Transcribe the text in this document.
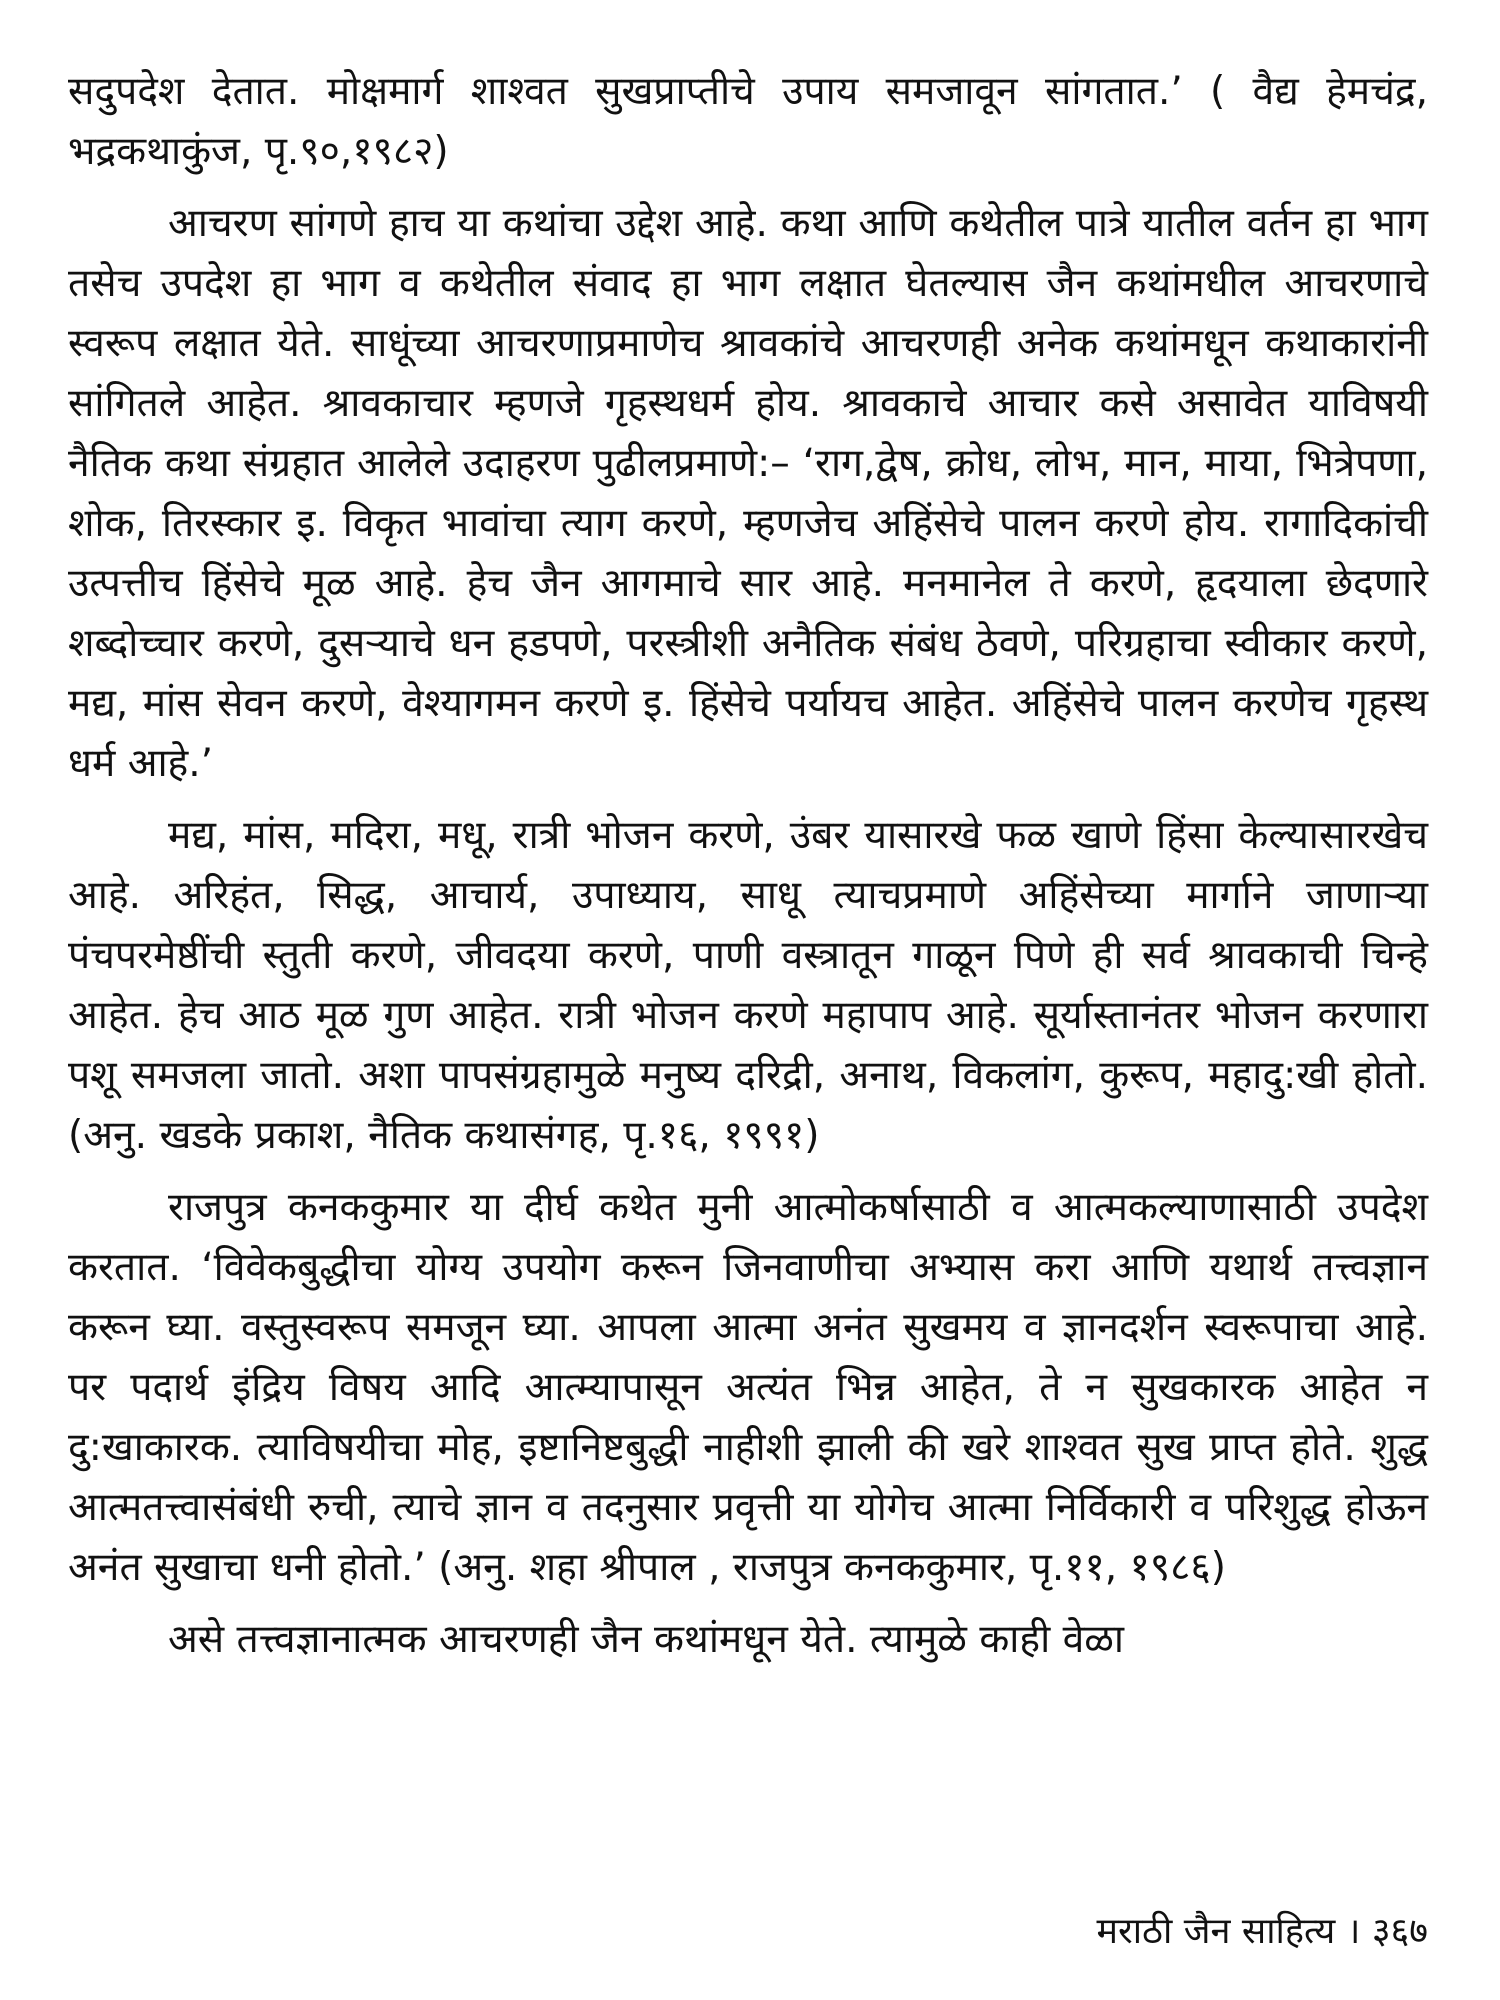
सदुपदेश देतात. मोक्षमार्ग शाश्वत सुखप्राप्तीचे उपाय समजावून सांगतात.’ ( वैद्य हेमचंद्र, भद्रकथाकुंज, पृ.९०,१९८२)

आचरण सांगणे हाच या कथांचा उद्देश आहे. कथा आणि कथेतील पात्रे यातील वर्तन हा भाग तसेच उपदेश हा भाग व कथेतील संवाद हा भाग लक्षात घेतल्यास जैन कथांमधील आचरणाचे स्वरूप लक्षात येते. साधूंच्या आचरणाप्रमाणेच श्रावकांचे आचरणही अनेक कथांमधून कथाकारांनी सांगितले आहेत. श्रावकाचार म्हणजे गृहस्थधर्म होय. श्रावकाचे आचार कसे असावेत याविषयी नैतिक कथा संग्रहात आलेले उदाहरण पुढीलप्रमाणे:– ‘राग,द्वेष, क्रोध, लोभ, मान, माया, भित्रेपणा, शोक, तिरस्कार इ. विकृत भावांचा त्याग करणे, म्हणजेच अहिंसेचे पालन करणे होय. रागादिकांची उत्पत्तीच हिंसेचे मूळ आहे. हेच जैन आगमाचे सार आहे. मनमानेल ते करणे, हृदयाला छेदणारे शब्दोच्चार करणे, दुसऱ्याचे धन हडपणे, परस्त्रीशी अनैतिक संबंध ठेवणे, परिग्रहाचा स्वीकार करणे, मद्य, मांस सेवन करणे, वेश्यागमन करणे इ. हिंसेचे पर्यायच आहेत. अहिंसेचे पालन करणेच गृहस्थ धर्म आहे.’

मद्य, मांस, मदिरा, मधू, रात्री भोजन करणे, उंबर यासारखे फळ खाणे हिंसा केल्यासारखेच आहे. अरिहंत, सिद्ध, आचार्य, उपाध्याय, साधू त्याचप्रमाणे अहिंसेच्या मार्गाने जाणाऱ्या पंचपरमेष्ठींची स्तुती करणे, जीवदया करणे, पाणी वस्त्रातून गाळून पिणे ही सर्व श्रावकाची चिन्हे आहेत. हेच आठ मूळ गुण आहेत. रात्री भोजन करणे महापाप आहे. सूर्यास्तानंतर भोजन करणारा पशू समजला जातो. अशा पापसंग्रहामुळे मनुष्य दरिद्री, अनाथ, विकलांग, कुरूप, महादु:खी होतो. (अनु. खडके प्रकाश, नैतिक कथासंगह, पृ.१६, १९९१)

राजपुत्र कनककुमार या दीर्घ कथेत मुनी आत्मोकर्षासाठी व आत्मकल्याणासाठी उपदेश करतात. ‘विवेकबुद्धीचा योग्य उपयोग करून जिनवाणीचा अभ्यास करा आणि यथार्थ तत्त्वज्ञान करून घ्या. वस्तुस्वरूप समजून घ्या. आपला आत्मा अनंत सुखमय व ज्ञानदर्शन स्वरूपाचा आहे. पर पदार्थ इंद्रिय विषय आदि आत्म्यापासून अत्यंत भिन्न आहेत, ते न सुखकारक आहेत न दु:खाकारक. त्याविषयीचा मोह, इष्टानिष्टबुद्धी नाहीशी झाली की खरे शाश्वत सुख प्राप्त होते. शुद्ध आत्मतत्त्वासंबंधी रुची, त्याचे ज्ञान व तदनुसार प्रवृत्ती या योगेच आत्मा निर्विकारी व परिशुद्ध होऊन अनंत सुखाचा धनी होतो.’ (अनु. शहा श्रीपाल , राजपुत्र कनककुमार, पृ.११, १९८६)

असे तत्त्वज्ञानात्मक आचरणही जैन कथांमधून येते. त्यामुळे काही वेळा

मराठी जैन साहित्य । ३६७
